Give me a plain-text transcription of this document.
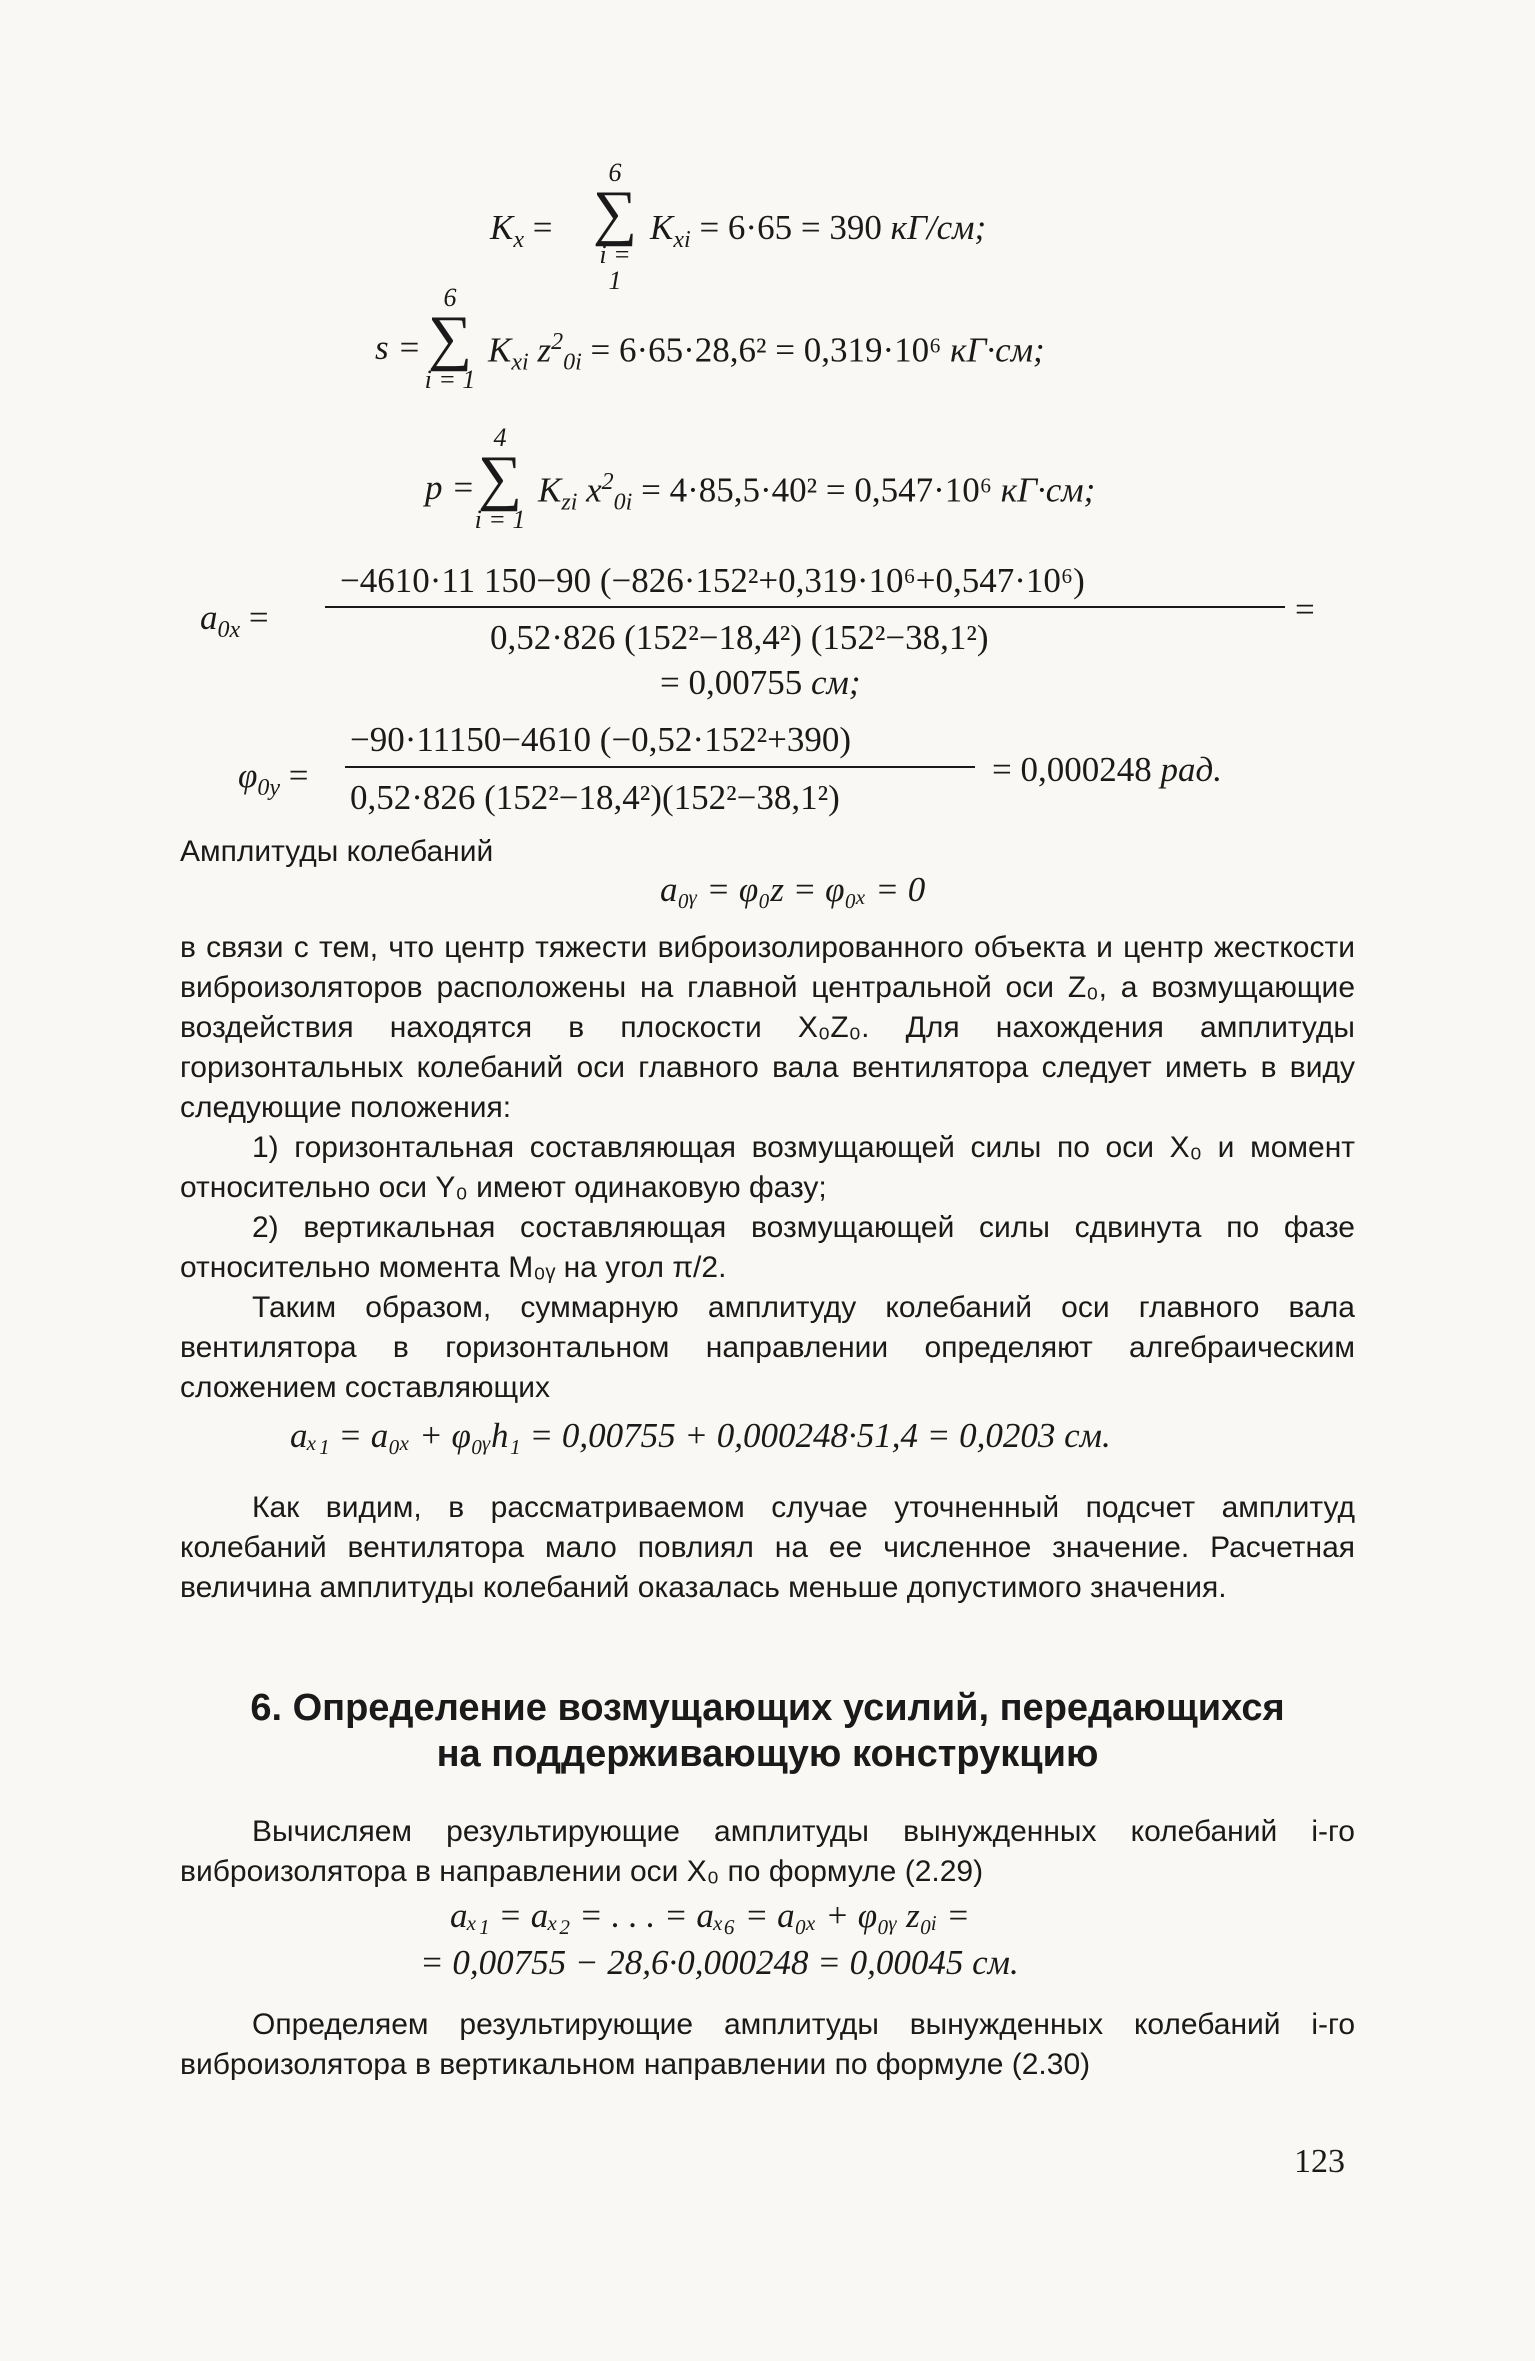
$K_x$ =
6
∑
i = 1
$K_{xi} = 6\cdot 65 = 390$ кГ/см;
s =
6
∑
i = 1
$K_{xi}$ $z^2_{0i} = 6\cdot 65\cdot 28,6^2 = 0,319\cdot 10^6$ кГ·см;
p =
4
∑
i = 1
$K_{zi}$ $x^2_{0i} = 4\cdot 85,5\cdot 40^2 = 0,547\cdot 10^6$ кГ·см;
$a_{0x}$ =
−4610·11 150−90 (−826·152²+0,319·10⁶+0,547·10⁶)
0,52·826 (152²−18,4²) (152²−38,1²)
=
= 0,00755 см;
$\varphi_{0y}$ =
−90·11150−4610 (−0,52·152²+390)
0,52·826 (152²−18,4²)(152²−38,1²)
= 0,000248 рад.
Амплитуды колебаний
a₀ᵧ = φ₀z = φ₀ₓ = 0

в связи с тем, что центр тяжести виброизолированного объекта и центр жесткости виброизоляторов расположены на главной центральной оси Z₀, а возмущающие воздействия находятся в плоскости X₀Z₀. Для нахождения амплитуды горизонтальных колебаний оси главного вала вентилятора следует иметь в виду следующие положения:

1) горизонтальная составляющая возмущающей силы по оси X₀ и момент относительно оси Y₀ имеют одинаковую фазу;

2) вертикальная составляющая возмущающей силы сдвинута по фазе относительно момента M₀ᵧ на угол π/2.

Таким образом, суммарную амплитуду колебаний оси главного вала вентилятора в горизонтальном направлении определяют алгебраическим сложением составляющих

aₓ₁ = a₀ₓ + φ₀ᵧh₁ = 0,00755 + 0,000248·51,4 = 0,0203 см.

Как видим, в рассматриваемом случае уточненный подсчет амплитуд колебаний вентилятора мало повлиял на ее численное значение. Расчетная величина амплитуды колебаний оказалась меньше допустимого значения.

6. Определение возмущающих усилий, передающихся
на поддерживающую конструкцию

Вычисляем результирующие амплитуды вынужденных колебаний i-го виброизолятора в направлении оси X₀ по формуле (2.29)

aₓ₁ = aₓ₂ = . . . = aₓ₆ = a₀ₓ + φ₀ᵧ z₀ᵢ =
= 0,00755 − 28,6·0,000248 = 0,00045 см.

Определяем результирующие амплитуды вынужденных колебаний i-го виброизолятора в вертикальном направлении по формуле (2.30)

123
